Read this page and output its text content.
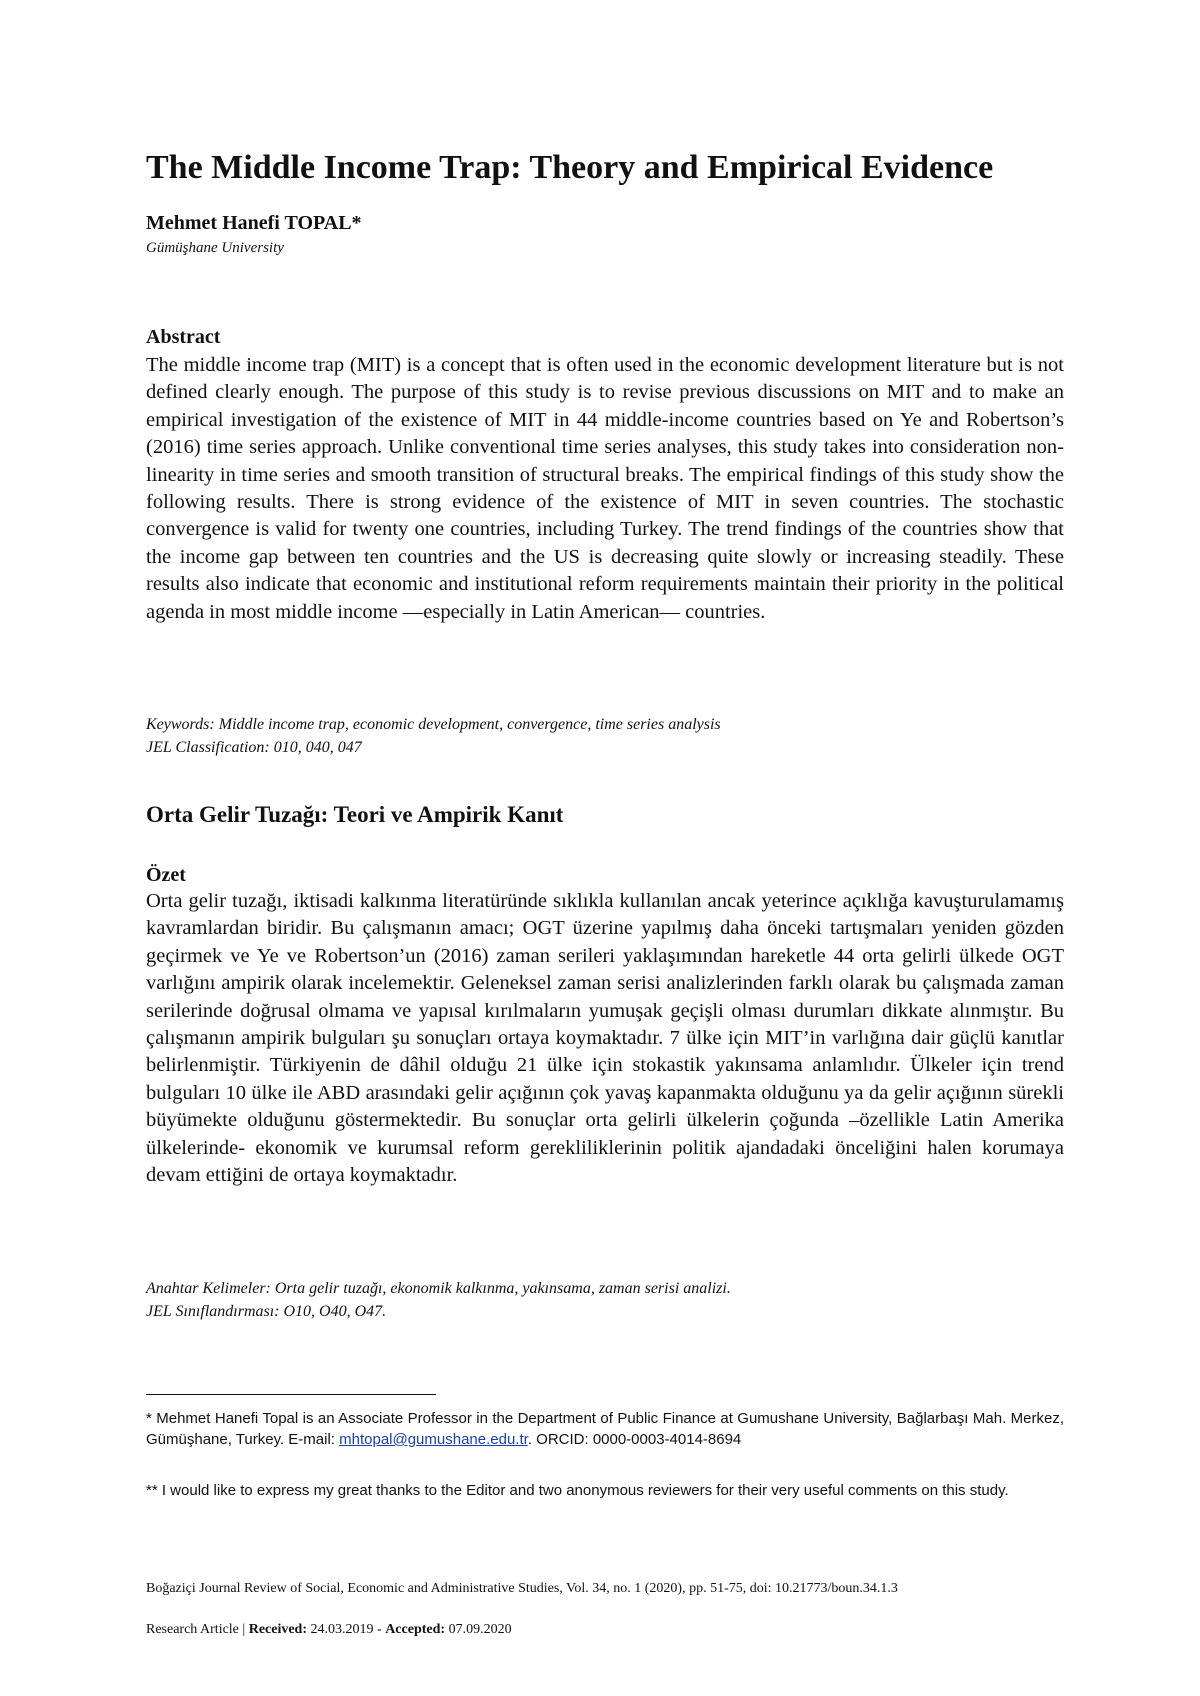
The Middle Income Trap: Theory and Empirical Evidence
Mehmet Hanefi TOPAL*
Gümüşhane University
Abstract

The middle income trap (MIT) is a concept that is often used in the economic development literature but is not defined clearly enough. The purpose of this study is to revise previous discussions on MIT and to make an empirical investigation of the existence of MIT in 44 middle-income countries based on Ye and Robertson’s (2016) time series approach. Unlike conventional time series analyses, this study takes into consideration non-linearity in time series and smooth transition of structural breaks. The empirical findings of this study show the following results. There is strong evidence of the existence of MIT in seven countries. The stochastic convergence is valid for twenty one countries, including Turkey. The trend findings of the countries show that the income gap between ten countries and the US is decreasing quite slowly or increasing steadily. These results also indicate that economic and institutional reform requirements maintain their priority in the political agenda in most middle income —especially in Latin American— countries.

Keywords: Middle income trap, economic development, convergence, time series analysis

JEL Classification: 010, 040, 047

Orta Gelir Tuzağı: Teori ve Ampirik Kanıt
Özet

Orta gelir tuzağı, iktisadi kalkınma literatüründe sıklıkla kullanılan ancak yeterince açıklığa kavuşturulamamış kavramlardan biridir. Bu çalışmanın amacı; OGT üzerine yapılmış daha önceki tartışmaları yeniden gözden geçirmek ve Ye ve Robertson’un (2016) zaman serileri yaklaşımından hareketle 44 orta gelirli ülkede OGT varlığını ampirik olarak incelemektir. Geleneksel zaman serisi analizlerinden farklı olarak bu çalışmada zaman serilerinde doğrusal olmama ve yapısal kırılmaların yumuşak geçişli olması durumları dikkate alınmıştır. Bu çalışmanın ampirik bulguları şu sonuçları ortaya koymaktadır. 7 ülke için MIT’in varlığına dair güçlü kanıtlar belirlenmiştir. Türkiyenin de dâhil olduğu 21 ülke için stokastik yakınsama anlamlıdır. Ülkeler için trend bulguları 10 ülke ile ABD arasındaki gelir açığının çok yavaş kapanmakta olduğunu ya da gelir açığının sürekli büyümekte olduğunu göstermektedir. Bu sonuçlar orta gelirli ülkelerin çoğunda –özellikle Latin Amerika ülkelerinde- ekonomik ve kurumsal reform gerekliliklerinin politik ajandadaki önceliğini halen korumaya devam ettiğini de ortaya koymaktadır.

Anahtar Kelimeler: Orta gelir tuzağı, ekonomik kalkınma, yakınsama, zaman serisi analizi.

JEL Sınıflandırması: O10, O40, O47.

* Mehmet Hanefi Topal is an Associate Professor in the Department of Public Finance at Gumushane University, Bağlarbaşı Mah. Merkez, Gümüşhane, Turkey. E-mail: mhtopal@gumushane.edu.tr. ORCID: 0000-0003-4014-8694

** I would like to express my great thanks to the Editor and two anonymous reviewers for their very useful comments on this study.

Boğaziçi Journal Review of Social, Economic and Administrative Studies, Vol. 34, no. 1 (2020), pp. 51-75, doi: 10.21773/boun.34.1.3
Research Article | Received: 24.03.2019 - Accepted: 07.09.2020
